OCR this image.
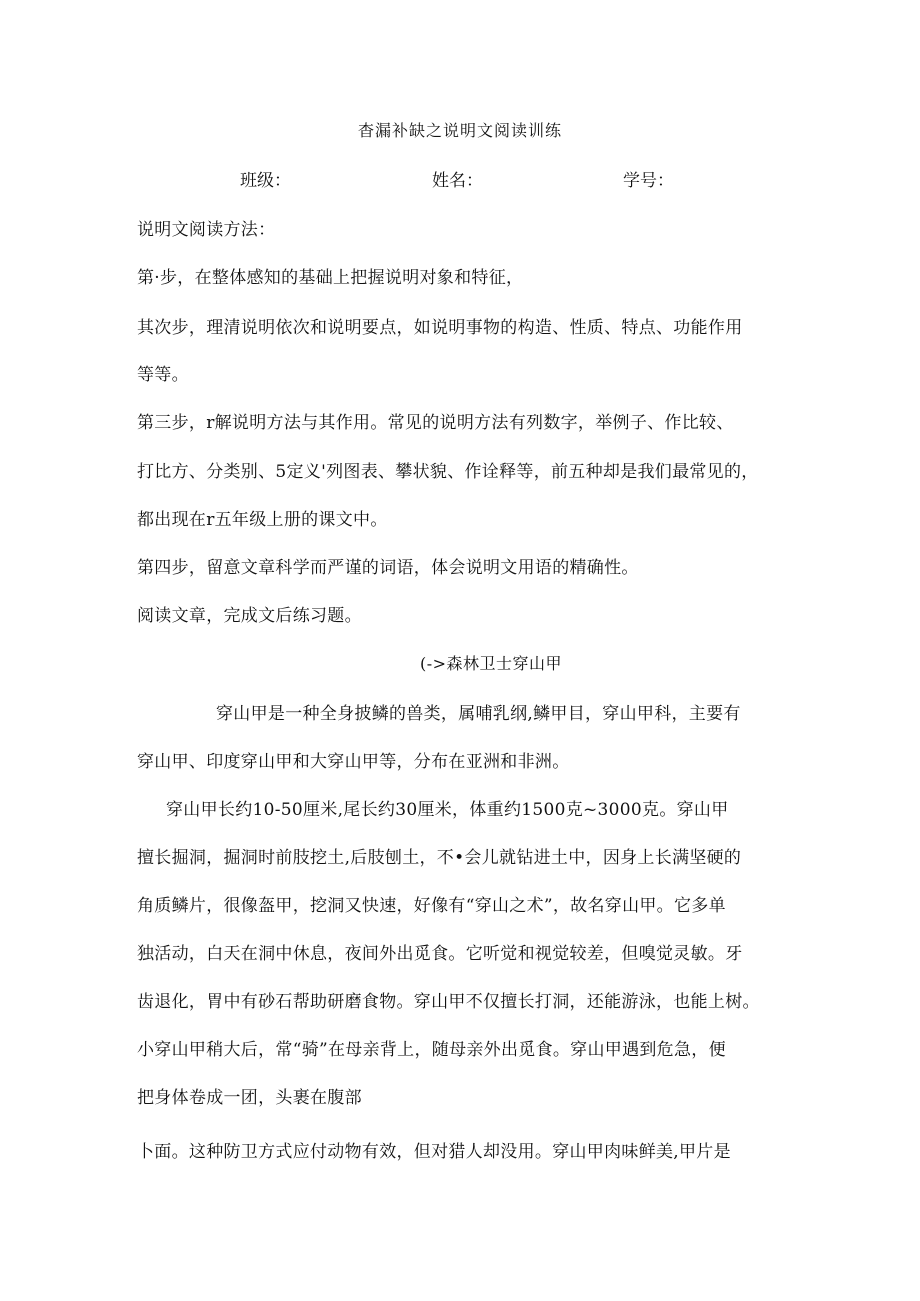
杳漏补缺之说明文阅读训练
班级：	姓名：	学号：
说明文阅读方法：
第·步，在整体感知的基础上把握说明对象和特征，
其次步，理清说明依次和说明要点，如说明事物的构造、性质、特点、功能作用
等等。
第三步，r解说明方法与其作用。常见的说明方法有列数字，举例子、作比较、
打比方、分类别、5定义'列图表、攀状貌、作诠释等，前五种却是我们最常见的，
都出现在r五年级上册的课文中。
第四步，留意文章科学而严谨的词语，体会说明文用语的精确性。
阅读文章，完成文后练习题。
(->森林卫士穿山甲
穿山甲是一种全身披鳞的兽类，属哺乳纲,鳞甲目，穿山甲科，主要有
穿山甲、印度穿山甲和大穿山甲等，分布在亚洲和非洲。
穿山甲长约10-50厘米,尾长约30厘米，体重约1500克~3000克。穿山甲
擅长掘洞，掘洞时前肢挖土,后肢刨土，不•会儿就钻进土中，因身上长满坚硬的
角质鳞片，很像盔甲，挖洞又快速，好像有“穿山之术”，故名穿山甲。它多单
独活动，白天在洞中休息，夜间外出觅食。它听觉和视觉较差，但嗅觉灵敏。牙
齿退化，胃中有砂石帮助研磨食物。穿山甲不仅擅长打洞，还能游泳，也能上树。
小穿山甲稍大后，常“骑”在母亲背上，随母亲外出觅食。穿山甲遇到危急，便
把身体卷成一团，头裹在腹部
卜面。这种防卫方式应付动物有效，但对猎人却没用。穿山甲肉味鲜美,甲片是
